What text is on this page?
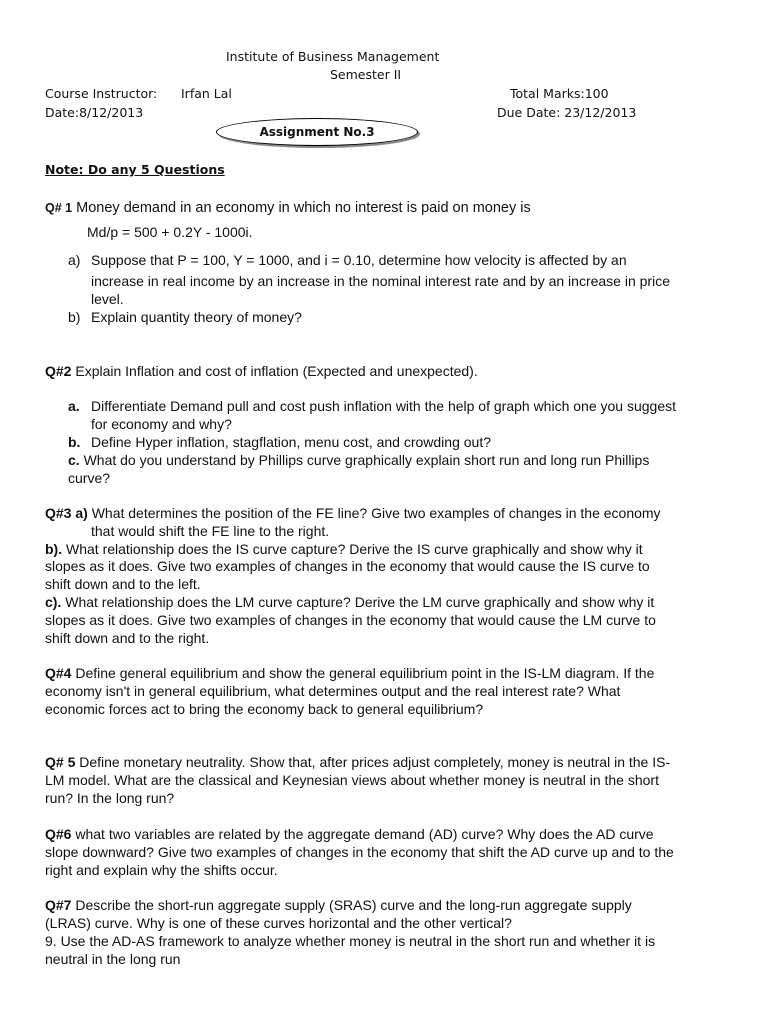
Institute of Business Management
Semester II
Course Instructor: Irfan Lal	Total Marks:100
Date:8/12/2013	Due Date: 23/12/2013
Assignment No.3
Note: Do any 5 Questions
Q# 1 Money demand in an economy in which no interest is paid on money is
Md/p = 500 + 0.2Y - 1000i.
a) Suppose that P = 100, Y = 1000, and i = 0.10, determine how velocity is affected by an
increase in real income by an increase in the nominal interest rate and by an increase in price
level.
b) Explain quantity theory of money?
Q#2 Explain Inflation and cost of inflation (Expected and unexpected).
a. Differentiate Demand pull and cost push inflation with the help of graph which one you suggest
for economy and why?
b. Define Hyper inflation, stagflation, menu cost, and crowding out?
c. What do you understand by Phillips curve graphically explain short run and long run Phillips
curve?
Q#3 a) What determines the position of the FE line? Give two examples of changes in the economy
that would shift the FE line to the right.
b). What relationship does the IS curve capture? Derive the IS curve graphically and show why it
slopes as it does. Give two examples of changes in the economy that would cause the IS curve to
shift down and to the left.
c). What relationship does the LM curve capture? Derive the LM curve graphically and show why it
slopes as it does. Give two examples of changes in the economy that would cause the LM curve to
shift down and to the right.
Q#4 Define general equilibrium and show the general equilibrium point in the IS-LM diagram. If the
economy isn't in general equilibrium, what determines output and the real interest rate? What
economic forces act to bring the economy back to general equilibrium?
Q# 5 Define monetary neutrality. Show that, after prices adjust completely, money is neutral in the IS-
LM model. What are the classical and Keynesian views about whether money is neutral in the short
run? In the long run?
Q#6 what two variables are related by the aggregate demand (AD) curve? Why does the AD curve
slope downward? Give two examples of changes in the economy that shift the AD curve up and to the
right and explain why the shifts occur.
Q#7 Describe the short-run aggregate supply (SRAS) curve and the long-run aggregate supply
(LRAS) curve. Why is one of these curves horizontal and the other vertical?
9. Use the AD-AS framework to analyze whether money is neutral in the short run and whether it is
neutral in the long run
